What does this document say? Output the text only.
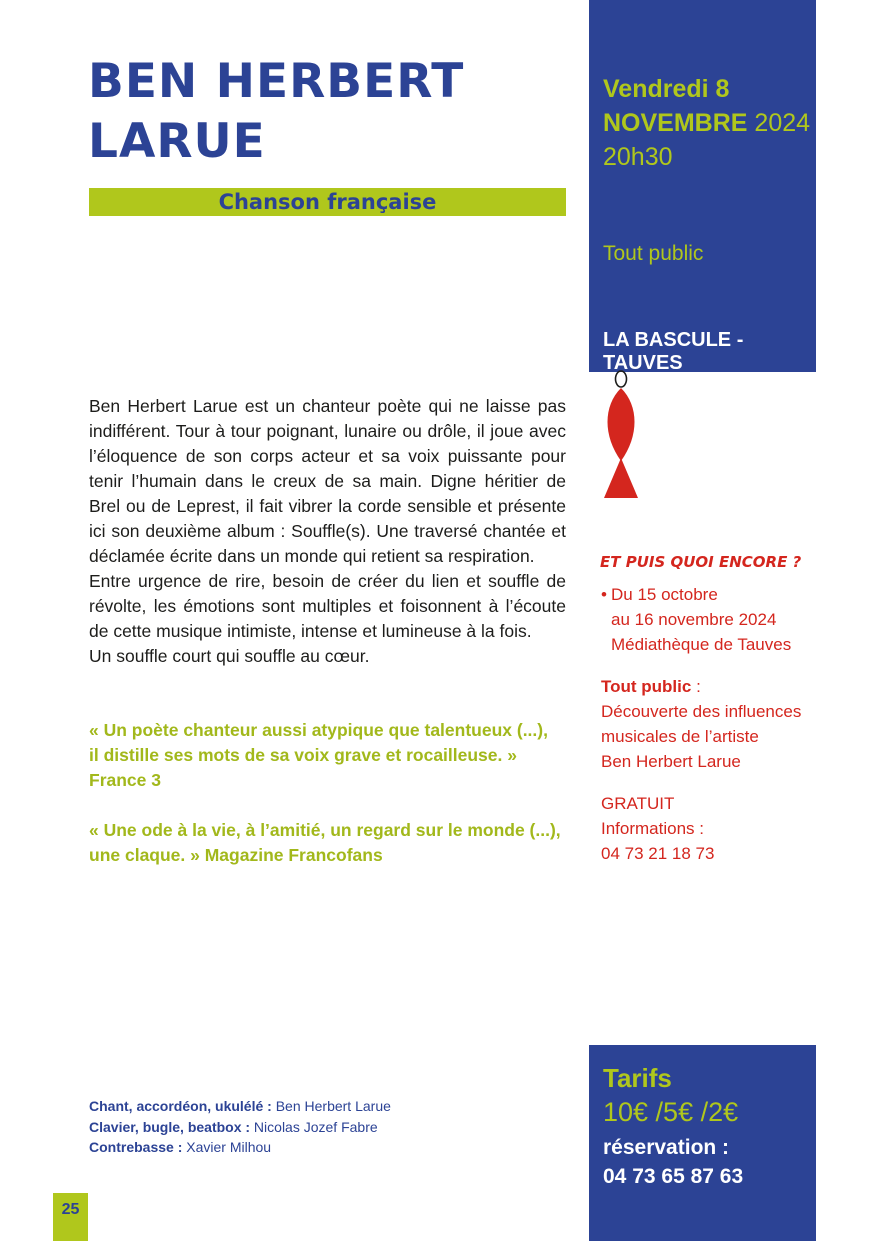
BEN HERBERT
LARUE
Chanson française

Ben Herbert Larue est un chanteur poète qui ne laisse pas indifférent. Tour à tour poignant, lunaire ou drôle, il joue avec l’éloquence de son corps acteur et sa voix puissante pour tenir l’humain dans le creux de sa main. Digne héritier de Brel ou de Leprest, il fait vibrer la corde sensible et présente ici son deuxième album : Souffle(s). Une traversé chantée et déclamée écrite dans un monde qui retient sa respiration.

Entre urgence de rire, besoin de créer du lien et souffle de révolte, les émotions sont multiples et foisonnent à l’écoute de cette musique intimiste, intense et lumineuse à la fois.

Un souffle court qui souffle au cœur.

« Un poète chanteur aussi atypique que talentueux (...),
il distille ses mots de sa voix grave et rocailleuse. »
France 3

« Une ode à la vie, à l’amitié, un regard sur le monde (...),
une claque. » Magazine Francofans

Chant, accordéon, ukulélé : Ben Herbert Larue
Clavier, bugle, beatbox : Nicolas Jozef Fabre
Contrebasse : Xavier Milhou
25
Vendredi 8
NOVEMBRE 2024
20h30
Tout public
LA BASCULE - TAUVES
ET PUIS QUOI ENCORE ?
• Du 15 octobre
au 16 novembre 2024
Médiathèque de Tauves
Tout public :
Découverte des influences
musicales de l’artiste
Ben Herbert Larue
GRATUIT
Informations :
04 73 21 18 73
Tarifs
10€ /5€ /2€
réservation :
04 73 65 87 63
